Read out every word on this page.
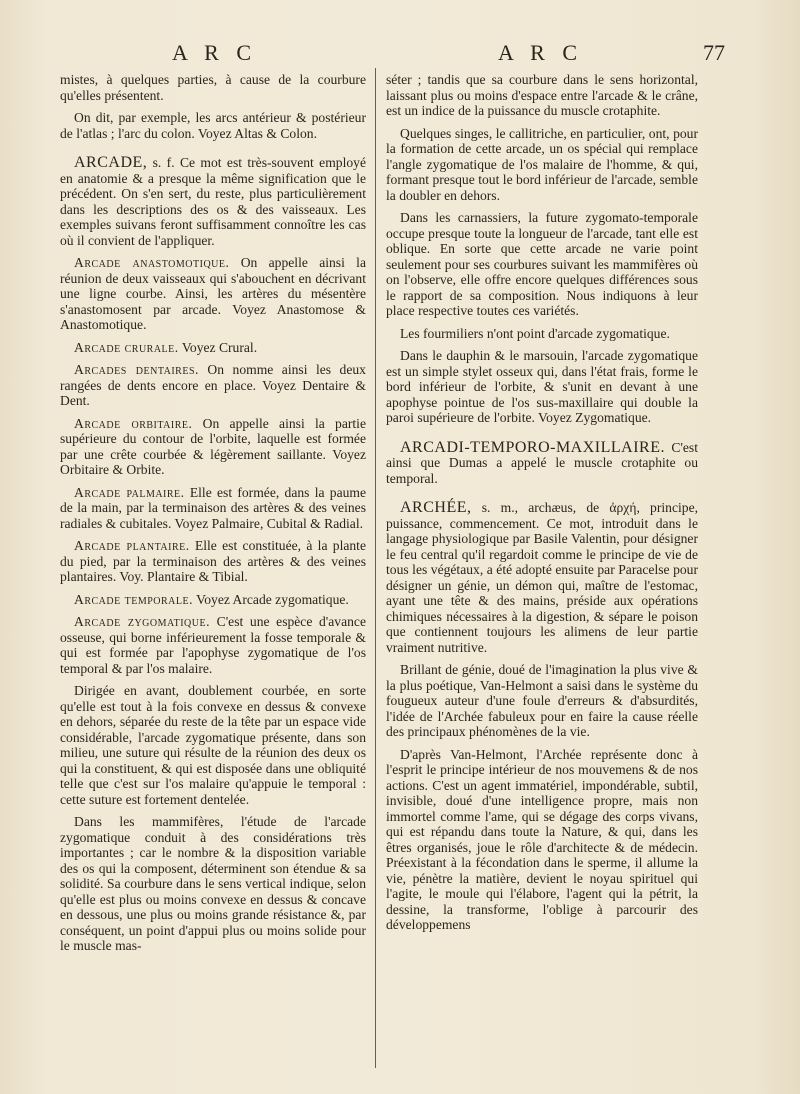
A R C	A R C	77

mistes, à quelques parties, à cause de la courbure qu'elles présentent.

On dit, par exemple, les arcs antérieur & postérieur de l'atlas ; l'arc du colon. Voyez Altas & Colon.

ARCADE, s. f. Ce mot est très-souvent employé en anatomie & a presque la même signification que le précédent. On s'en sert, du reste, plus particulièrement dans les descriptions des os & des vaisseaux. Les exemples suivans feront suffisamment connoître les cas où il convient de l'appliquer.

Arcade anastomotique. On appelle ainsi la réunion de deux vaisseaux qui s'abouchent en décrivant une ligne courbe. Ainsi, les artères du mésentère s'anastomosent par arcade. Voyez Anastomose & Anastomotique.

Arcade crurale. Voyez Crural.

Arcades dentaires. On nomme ainsi les deux rangées de dents encore en place. Voyez Dentaire & Dent.

Arcade orbitaire. On appelle ainsi la partie supérieure du contour de l'orbite, laquelle est formée par une crête courbée & légèrement saillante. Voyez Orbitaire & Orbite.

Arcade palmaire. Elle est formée, dans la paume de la main, par la terminaison des artères & des veines radiales & cubitales. Voyez Palmaire, Cubital & Radial.

Arcade plantaire. Elle est constituée, à la plante du pied, par la terminaison des artères & des veines plantaires. Voy. Plantaire & Tibial.

Arcade temporale. Voyez Arcade zygomatique.

Arcade zygomatique. C'est une espèce d'avance osseuse, qui borne inférieurement la fosse temporale & qui est formée par l'apophyse zygomatique de l'os temporal & par l'os malaire.

Dirigée en avant, doublement courbée, en sorte qu'elle est tout à la fois convexe en dessus & convexe en dehors, séparée du reste de la tête par un espace vide considérable, l'arcade zygomatique présente, dans son milieu, une suture qui résulte de la réunion des deux os qui la constituent, & qui est disposée dans une obliquité telle que c'est sur l'os malaire qu'appuie le temporal : cette suture est fortement dentelée.

Dans les mammifères, l'étude de l'arcade zygomatique conduit à des considérations très importantes ; car le nombre & la disposition variable des os qui la composent, déterminent son étendue & sa solidité. Sa courbure dans le sens vertical indique, selon qu'elle est plus ou moins convexe en dessus & concave en dessous, une plus ou moins grande résistance &, par conséquent, un point d'appui plus ou moins solide pour le muscle mas-

séter ; tandis que sa courbure dans le sens horizontal, laissant plus ou moins d'espace entre l'arcade & le crâne, est un indice de la puissance du muscle crotaphite.

Quelques singes, le callitriche, en particulier, ont, pour la formation de cette arcade, un os spécial qui remplace l'angle zygomatique de l'os malaire de l'homme, & qui, formant presque tout le bord inférieur de l'arcade, semble la doubler en dehors.

Dans les carnassiers, la future zygomato-temporale occupe presque toute la longueur de l'arcade, tant elle est oblique. En sorte que cette arcade ne varie point seulement pour ses courbures suivant les mammifères où on l'observe, elle offre encore quelques différences sous le rapport de sa composition. Nous indiquons à leur place respective toutes ces variétés.

Les fourmiliers n'ont point d'arcade zygomatique.

Dans le dauphin & le marsouin, l'arcade zygomatique est un simple stylet osseux qui, dans l'état frais, forme le bord inférieur de l'orbite, & s'unit en devant à une apophyse pointue de l'os sus-maxillaire qui double la paroi supérieure de l'orbite. Voyez Zygomatique.

ARCADI-TEMPORO-MAXILLAIRE. C'est ainsi que Dumas a appelé le muscle crotaphite ou temporal.

ARCHÉE, s. m., archæus, de ἀρχή, principe, puissance, commencement. Ce mot, introduit dans le langage physiologique par Basile Valentin, pour désigner le feu central qu'il regardoit comme le principe de vie de tous les végétaux, a été adopté ensuite par Paracelse pour désigner un génie, un démon qui, maître de l'estomac, ayant une tête & des mains, préside aux opérations chimiques nécessaires à la digestion, & sépare le poison que contiennent toujours les alimens de leur partie vraiment nutritive.

Brillant de génie, doué de l'imagination la plus vive & la plus poétique, Van-Helmont a saisi dans le système du fougueux auteur d'une foule d'erreurs & d'absurdités, l'idée de l'Archée fabuleux pour en faire la cause réelle des principaux phénomènes de la vie.

D'après Van-Helmont, l'Archée représente donc à l'esprit le principe intérieur de nos mouvemens & de nos actions. C'est un agent immatériel, impondérable, subtil, invisible, doué d'une intelligence propre, mais non immortel comme l'ame, qui se dégage des corps vivans, qui est répandu dans toute la Nature, & qui, dans les êtres organisés, joue le rôle d'architecte & de médecin. Préexistant à la fécondation dans le sperme, il allume la vie, pénètre la matière, devient le noyau spirituel qui l'agite, le moule qui l'élabore, l'agent qui la pétrit, la dessine, la transforme, l'oblige à parcourir des développemens
